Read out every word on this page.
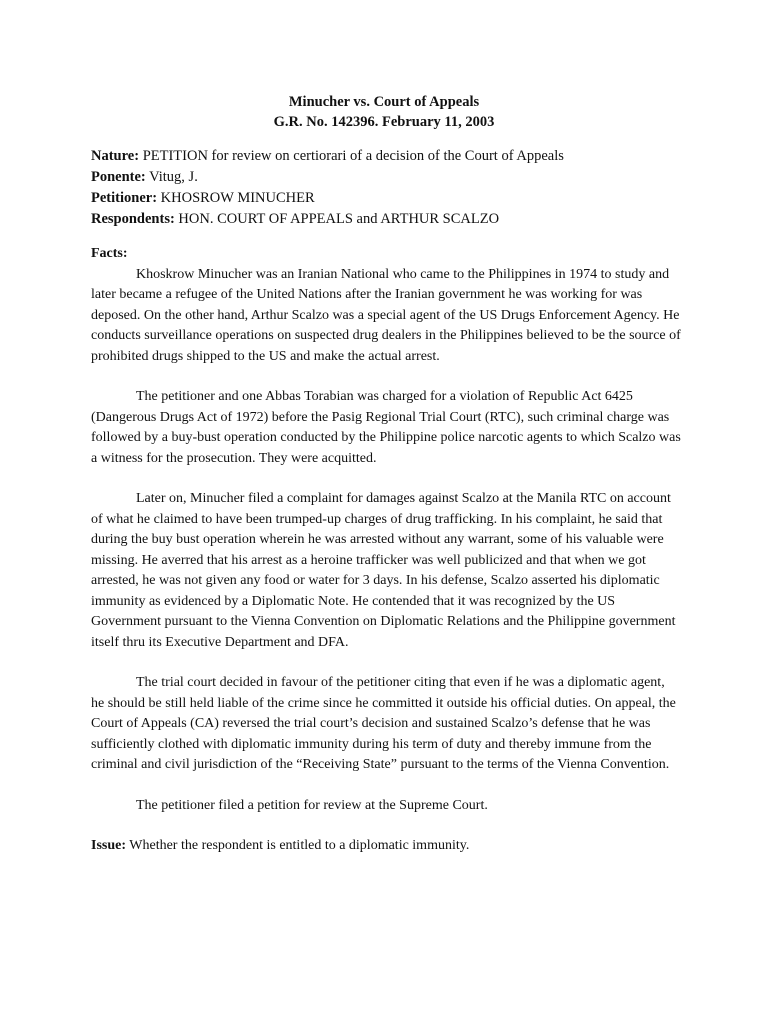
Minucher vs. Court of Appeals
G.R. No. 142396. February 11, 2003
Nature: PETITION for review on certiorari of a decision of the Court of Appeals
Ponente: Vitug, J.
Petitioner: KHOSROW MINUCHER
Respondents: HON. COURT OF APPEALS and ARTHUR SCALZO
Facts:

Khoskrow Minucher was an Iranian National who came to the Philippines in 1974 to study and later became a refugee of the United Nations after the Iranian government he was working for was deposed. On the other hand, Arthur Scalzo was a special agent of the US Drugs Enforcement Agency. He conducts surveillance operations on suspected drug dealers in the Philippines believed to be the source of prohibited drugs shipped to the US and make the actual arrest.

The petitioner and one Abbas Torabian was charged for a violation of Republic Act 6425 (Dangerous Drugs Act of 1972) before the Pasig Regional Trial Court (RTC), such criminal charge was followed by a buy-bust operation conducted by the Philippine police narcotic agents to which Scalzo was a witness for the prosecution. They were acquitted.

Later on, Minucher filed a complaint for damages against Scalzo at the Manila RTC on account of what he claimed to have been trumped-up charges of drug trafficking. In his complaint, he said that during the buy bust operation wherein he was arrested without any warrant, some of his valuable were missing. He averred that his arrest as a heroine trafficker was well publicized and that when we got arrested, he was not given any food or water for 3 days. In his defense, Scalzo asserted his diplomatic immunity as evidenced by a Diplomatic Note. He contended that it was recognized by the US Government pursuant to the Vienna Convention on Diplomatic Relations and the Philippine government itself thru its Executive Department and DFA.

The trial court decided in favour of the petitioner citing that even if he was a diplomatic agent, he should be still held liable of the crime since he committed it outside his official duties. On appeal, the Court of Appeals (CA) reversed the trial court’s decision and sustained Scalzo’s defense that he was sufficiently clothed with diplomatic immunity during his term of duty and thereby immune from the criminal and civil jurisdiction of the “Receiving State” pursuant to the terms of the Vienna Convention.

The petitioner filed a petition for review at the Supreme Court.

Issue: Whether the respondent is entitled to a diplomatic immunity.
